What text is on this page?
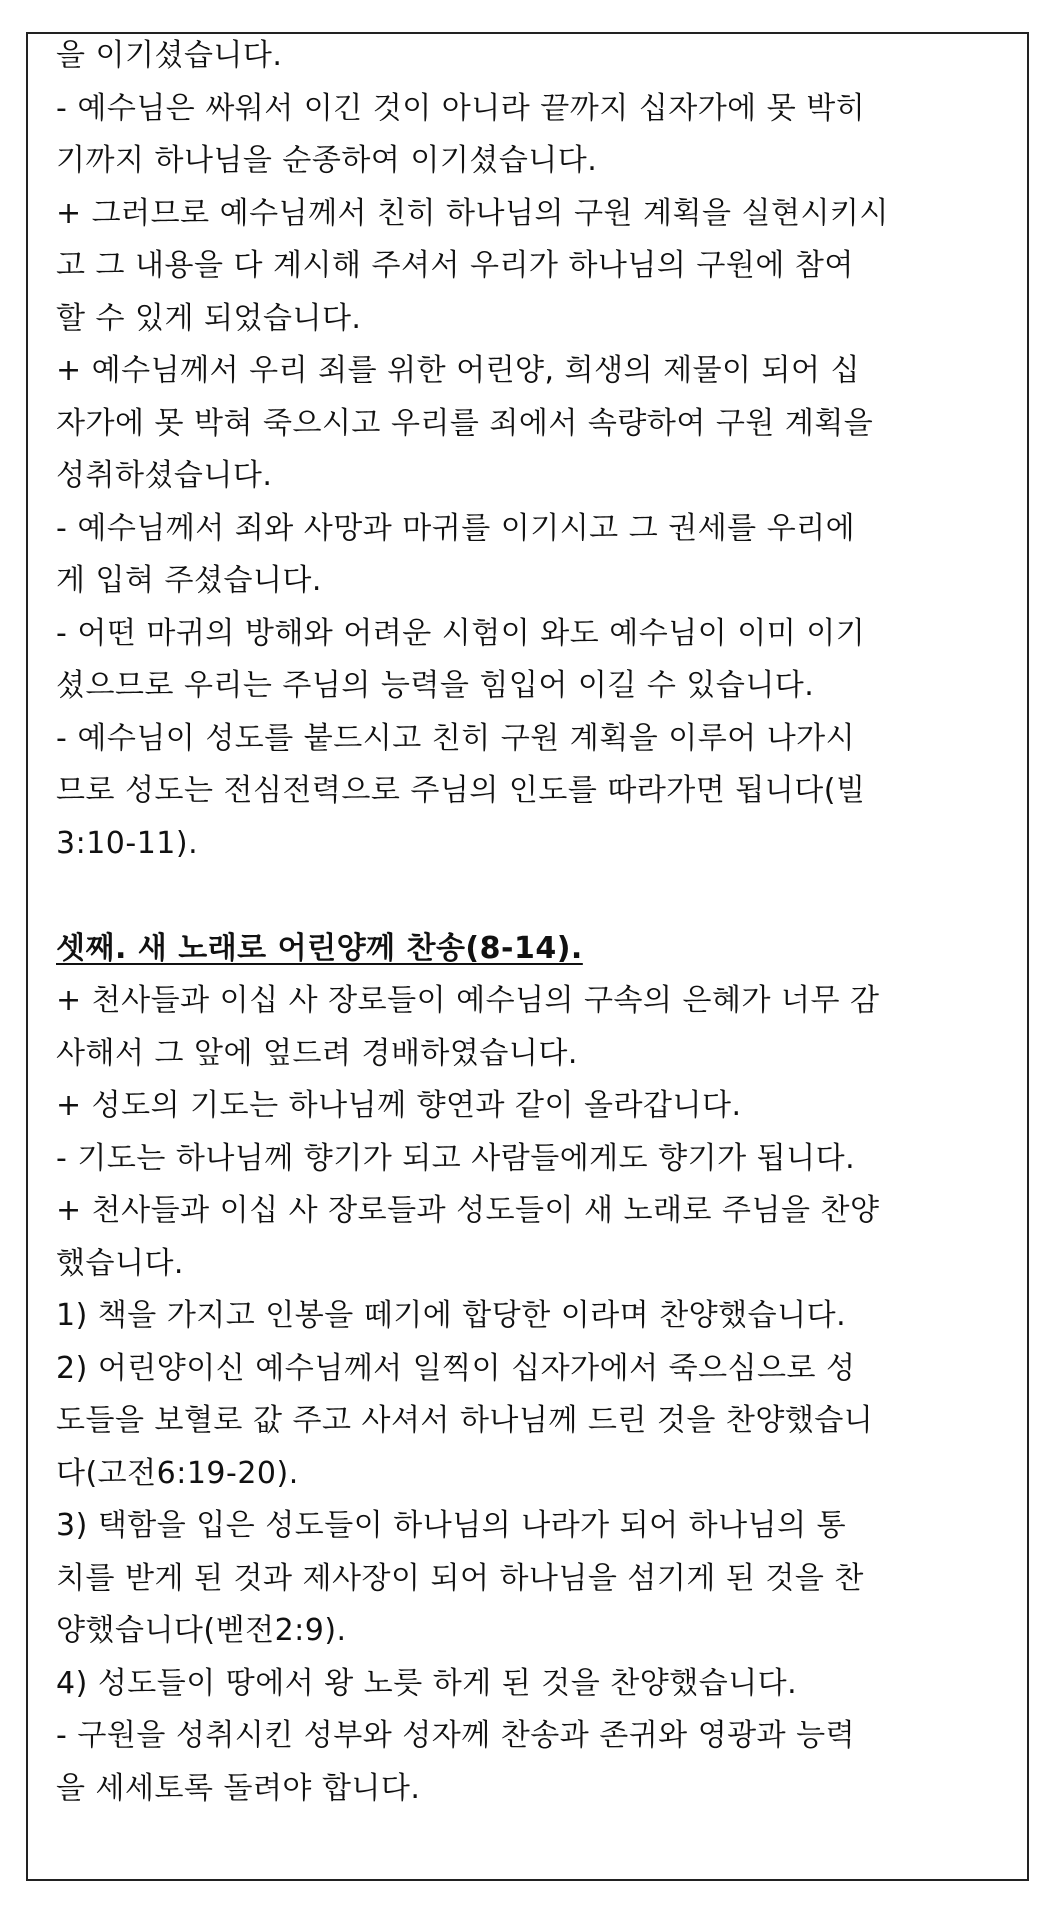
을 이기셨습니다.
- 예수님은 싸워서 이긴 것이 아니라 끝까지 십자가에 못 박히
기까지 하나님을 순종하여 이기셨습니다.
+ 그러므로 예수님께서 친히 하나님의 구원 계획을 실현시키시
고 그 내용을 다 계시해 주셔서 우리가 하나님의 구원에 참여
할 수 있게 되었습니다.
+ 예수님께서 우리 죄를 위한 어린양, 희생의 제물이 되어 십
자가에 못 박혀 죽으시고 우리를 죄에서 속량하여 구원 계획을
성취하셨습니다.
- 예수님께서 죄와 사망과 마귀를 이기시고 그 권세를 우리에
게 입혀 주셨습니다.
- 어떤 마귀의 방해와 어려운 시험이 와도 예수님이 이미 이기
셨으므로 우리는 주님의 능력을 힘입어 이길 수 있습니다.
- 예수님이 성도를 붙드시고 친히 구원 계획을 이루어 나가시
므로 성도는 전심전력으로 주님의 인도를 따라가면 됩니다(빌
3:10-11).
셋째. 새 노래로 어린양께 찬송(8-14).
+ 천사들과 이십 사 장로들이 예수님의 구속의 은혜가 너무 감
사해서 그 앞에 엎드려 경배하였습니다.
+ 성도의 기도는 하나님께 향연과 같이 올라갑니다.
- 기도는 하나님께 향기가 되고 사람들에게도 향기가 됩니다.
+ 천사들과 이십 사 장로들과 성도들이 새 노래로 주님을 찬양
했습니다.
1) 책을 가지고 인봉을 떼기에 합당한 이라며 찬양했습니다.
2) 어린양이신 예수님께서 일찍이 십자가에서 죽으심으로 성
도들을 보혈로 값 주고 사셔서 하나님께 드린 것을 찬양했습니
다(고전6:19-20).
3) 택함을 입은 성도들이 하나님의 나라가 되어 하나님의 통
치를 받게 된 것과 제사장이 되어 하나님을 섬기게 된 것을 찬
양했습니다(벧전2:9).
4) 성도들이 땅에서 왕 노릇 하게 된 것을 찬양했습니다.
- 구원을 성취시킨 성부와 성자께 찬송과 존귀와 영광과 능력
을 세세토록 돌려야 합니다.
